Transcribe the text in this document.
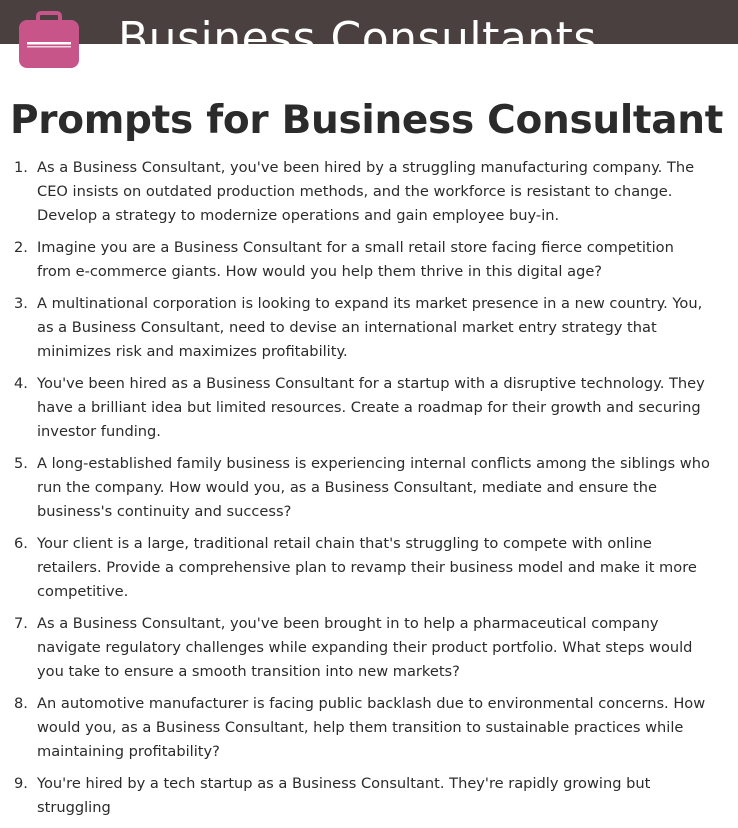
Business Consultants
Prompts for Business Consultant
1. As a Business Consultant, you've been hired by a struggling manufacturing company. The CEO insists on outdated production methods, and the workforce is resistant to change. Develop a strategy to modernize operations and gain employee buy-in.
2. Imagine you are a Business Consultant for a small retail store facing fierce competition from e-commerce giants. How would you help them thrive in this digital age?
3. A multinational corporation is looking to expand its market presence in a new country. You, as a Business Consultant, need to devise an international market entry strategy that minimizes risk and maximizes profitability.
4. You've been hired as a Business Consultant for a startup with a disruptive technology. They have a brilliant idea but limited resources. Create a roadmap for their growth and securing investor funding.
5. A long-established family business is experiencing internal conflicts among the siblings who run the company. How would you, as a Business Consultant, mediate and ensure the business's continuity and success?
6. Your client is a large, traditional retail chain that's struggling to compete with online retailers. Provide a comprehensive plan to revamp their business model and make it more competitive.
7. As a Business Consultant, you've been brought in to help a pharmaceutical company navigate regulatory challenges while expanding their product portfolio. What steps would you take to ensure a smooth transition into new markets?
8. An automotive manufacturer is facing public backlash due to environmental concerns. How would you, as a Business Consultant, help them transition to sustainable practices while maintaining profitability?
9. You're hired by a tech startup as a Business Consultant. They're rapidly growing but struggling
